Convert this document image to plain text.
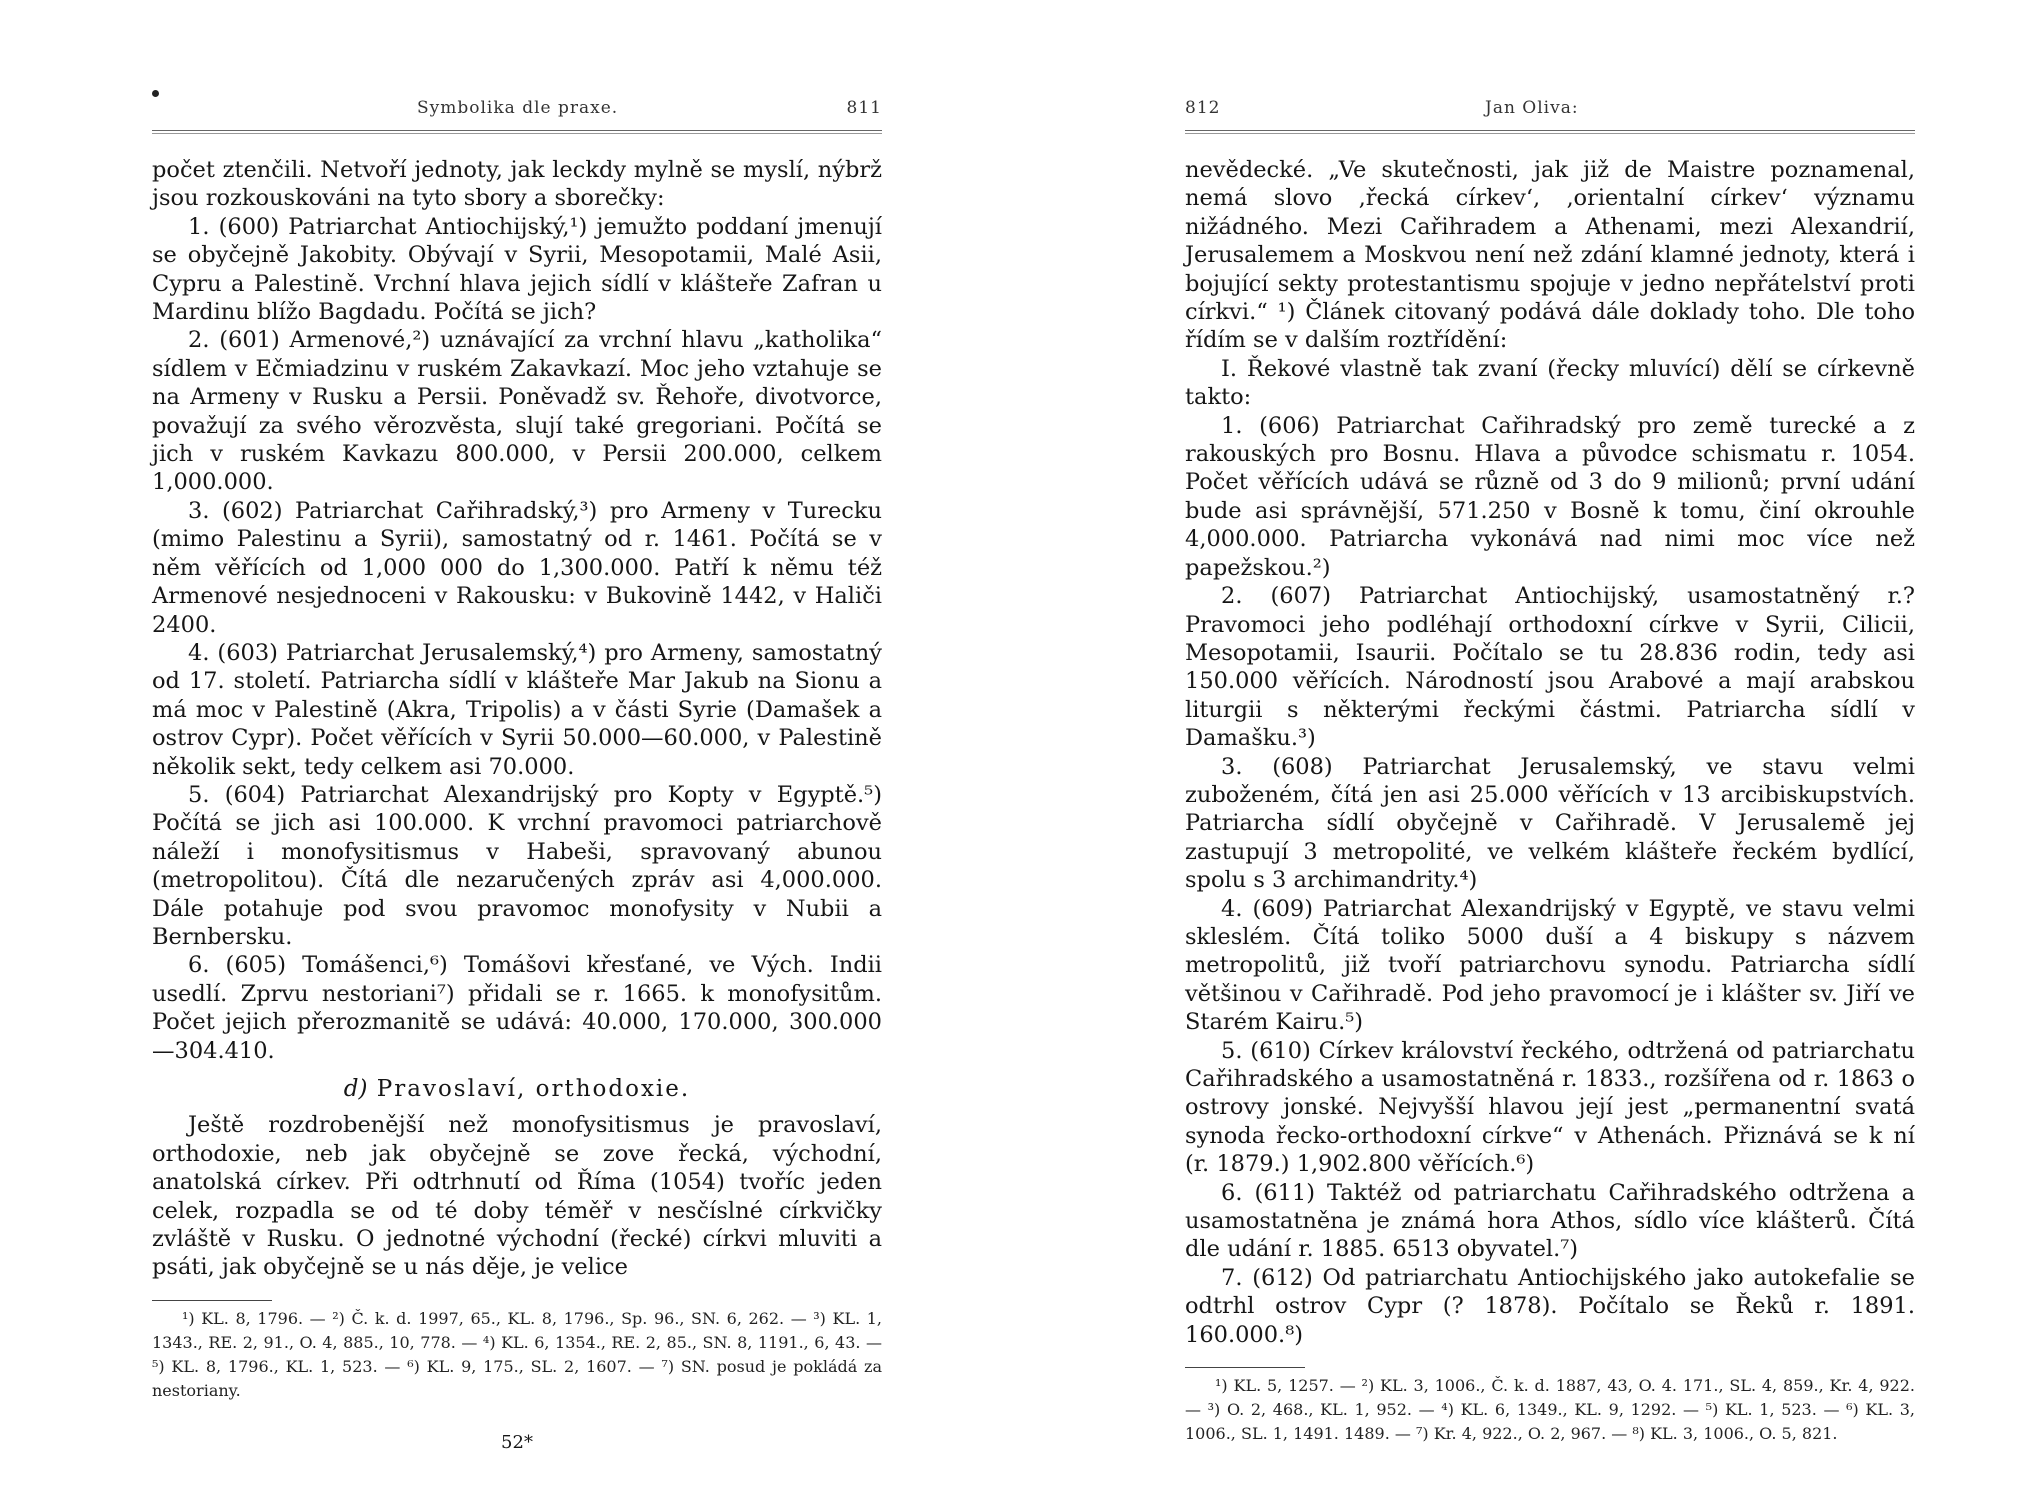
Symbolika dle praxe.	811

počet ztenčili. Netvoří jednoty, jak leckdy mylně se myslí, nýbrž jsou rozkouskováni na tyto sbory a sborečky:

1. (600) Patriarchat Antiochijský,¹) jemužto poddaní jmenují se obyčejně Jakobity. Obývají v Syrii, Mesopotamii, Malé Asii, Cypru a Palestině. Vrchní hlava jejich sídlí v klášteře Zafran u Mardinu blížo Bagdadu. Počítá se jich?

2. (601) Armenové,²) uznávající za vrchní hlavu „katholika“ sídlem v Ečmiadzinu v ruském Zakavkazí. Moc jeho vztahuje se na Armeny v Rusku a Persii. Poněvadž sv. Řehoře, divotvorce, považují za svého věrozvěsta, slují také gregoriani. Počítá se jich v ruském Kavkazu 800.000, v Persii 200.000, celkem 1,000.000.

3. (602) Patriarchat Cařihradský,³) pro Armeny v Turecku (mimo Palestinu a Syrii), samostatný od r. 1461. Počítá se v něm věřících od 1,000 000 do 1,300.000. Patří k němu též Armenové nesjednoceni v Rakousku: v Bukovině 1442, v Haliči 2400.

4. (603) Patriarchat Jerusalemský,⁴) pro Armeny, samostatný od 17. století. Patriarcha sídlí v klášteře Mar Jakub na Sionu a má moc v Palestině (Akra, Tripolis) a v části Syrie (Damašek a ostrov Cypr). Počet věřících v Syrii 50.000—60.000, v Palestině několik sekt, tedy celkem asi 70.000.

5. (604) Patriarchat Alexandrijský pro Kopty v Egyptě.⁵) Počítá se jich asi 100.000. K vrchní pravomoci patriarchově náleží i monofysitismus v Habeši, spravovaný abunou (metropolitou). Čítá dle nezaručených zpráv asi 4,000.000. Dále potahuje pod svou pravomoc monofysity v Nubii a Bernbersku.

6. (605) Tomášenci,⁶) Tomášovi křesťané, ve Vých. Indii usedlí. Zprvu nestoriani⁷) přidali se r. 1665. k monofysitům. Počet jejich přerozmanitě se udává: 40.000, 170.000, 300.000—304.410.

d) Pravoslaví, orthodoxie.

Ještě rozdrobenější než monofysitismus je pravoslaví, orthodoxie, neb jak obyčejně se zove řecká, východní, anatolská církev. Při odtrhnutí od Říma (1054) tvoříc jeden celek, rozpadla se od té doby téměř v nesčíslné církvičky zvláště v Rusku. O jednotné východní (řecké) církvi mluviti a psáti, jak obyčejně se u nás děje, je velice

¹) KL. 8, 1796. — ²) Č. k. d. 1997, 65., KL. 8, 1796., Sp. 96., SN. 6, 262. — ³) KL. 1, 1343., RE. 2, 91., O. 4, 885., 10, 778. — ⁴) KL. 6, 1354., RE. 2, 85., SN. 8, 1191., 6, 43. — ⁵) KL. 8, 1796., KL. 1, 523. — ⁶) KL. 9, 175., SL. 2, 1607. — ⁷) SN. posud je pokládá za nestoriany.

52*
812	Jan Oliva:

nevědecké. „Ve skutečnosti, jak již de Maistre poznamenal, nemá slovo ‚řecká církev‘, ‚orientalní církev‘ významu nižádného. Mezi Cařihradem a Athenami, mezi Alexandrií, Jerusalemem a Moskvou není než zdání klamné jednoty, která i bojující sekty protestantismu spojuje v jedno nepřátelství proti církvi.“ ¹) Článek citovaný podává dále doklady toho. Dle toho řídím se v dalším roztřídění:

I. Řekové vlastně tak zvaní (řecky mluvící) dělí se církevně takto:

1. (606) Patriarchat Cařihradský pro země turecké a z rakouských pro Bosnu. Hlava a původce schismatu r. 1054. Počet věřících udává se různě od 3 do 9 milionů; první udání bude asi správnější, 571.250 v Bosně k tomu, činí okrouhle 4,000.000. Patriarcha vykonává nad nimi moc více než papežskou.²)

2. (607) Patriarchat Antiochijský, usamostatněný r.? Pravomoci jeho podléhají orthodoxní církve v Syrii, Cilicii, Mesopotamii, Isaurii. Počítalo se tu 28.836 rodin, tedy asi 150.000 věřících. Národností jsou Arabové a mají arabskou liturgii s některými řeckými částmi. Patriarcha sídlí v Damašku.³)

3. (608) Patriarchat Jerusalemský, ve stavu velmi zuboženém, čítá jen asi 25.000 věřících v 13 arcibiskupstvích. Patriarcha sídlí obyčejně v Cařihradě. V Jerusalemě jej zastupují 3 metropolité, ve velkém klášteře řeckém bydlící, spolu s 3 archimandrity.⁴)

4. (609) Patriarchat Alexandrijský v Egyptě, ve stavu velmi skleslém. Čítá toliko 5000 duší a 4 biskupy s názvem metropolitů, již tvoří patriarchovu synodu. Patriarcha sídlí většinou v Cařihradě. Pod jeho pravomocí je i klášter sv. Jiří ve Starém Kairu.⁵)

5. (610) Církev království řeckého, odtržená od patriarchatu Cařihradského a usamostatněná r. 1833., rozšířena od r. 1863 o ostrovy jonské. Nejvyšší hlavou její jest „permanentní svatá synoda řecko-orthodoxní církve“ v Athenách. Přiznává se k ní (r. 1879.) 1,902.800 věřících.⁶)

6. (611) Taktéž od patriarchatu Cařihradského odtržena a usamostatněna je známá hora Athos, sídlo více klášterů. Čítá dle udání r. 1885. 6513 obyvatel.⁷)

7. (612) Od patriarchatu Antiochijského jako autokefalie se odtrhl ostrov Cypr (? 1878). Počítalo se Řeků r. 1891. 160.000.⁸)

¹) KL. 5, 1257. — ²) KL. 3, 1006., Č. k. d. 1887, 43, O. 4. 171., SL. 4, 859., Kr. 4, 922. — ³) O. 2, 468., KL. 1, 952. — ⁴) KL. 6, 1349., KL. 9, 1292. — ⁵) KL. 1, 523. — ⁶) KL. 3, 1006., SL. 1, 1491. 1489. — ⁷) Kr. 4, 922., O. 2, 967. — ⁸) KL. 3, 1006., O. 5, 821.
